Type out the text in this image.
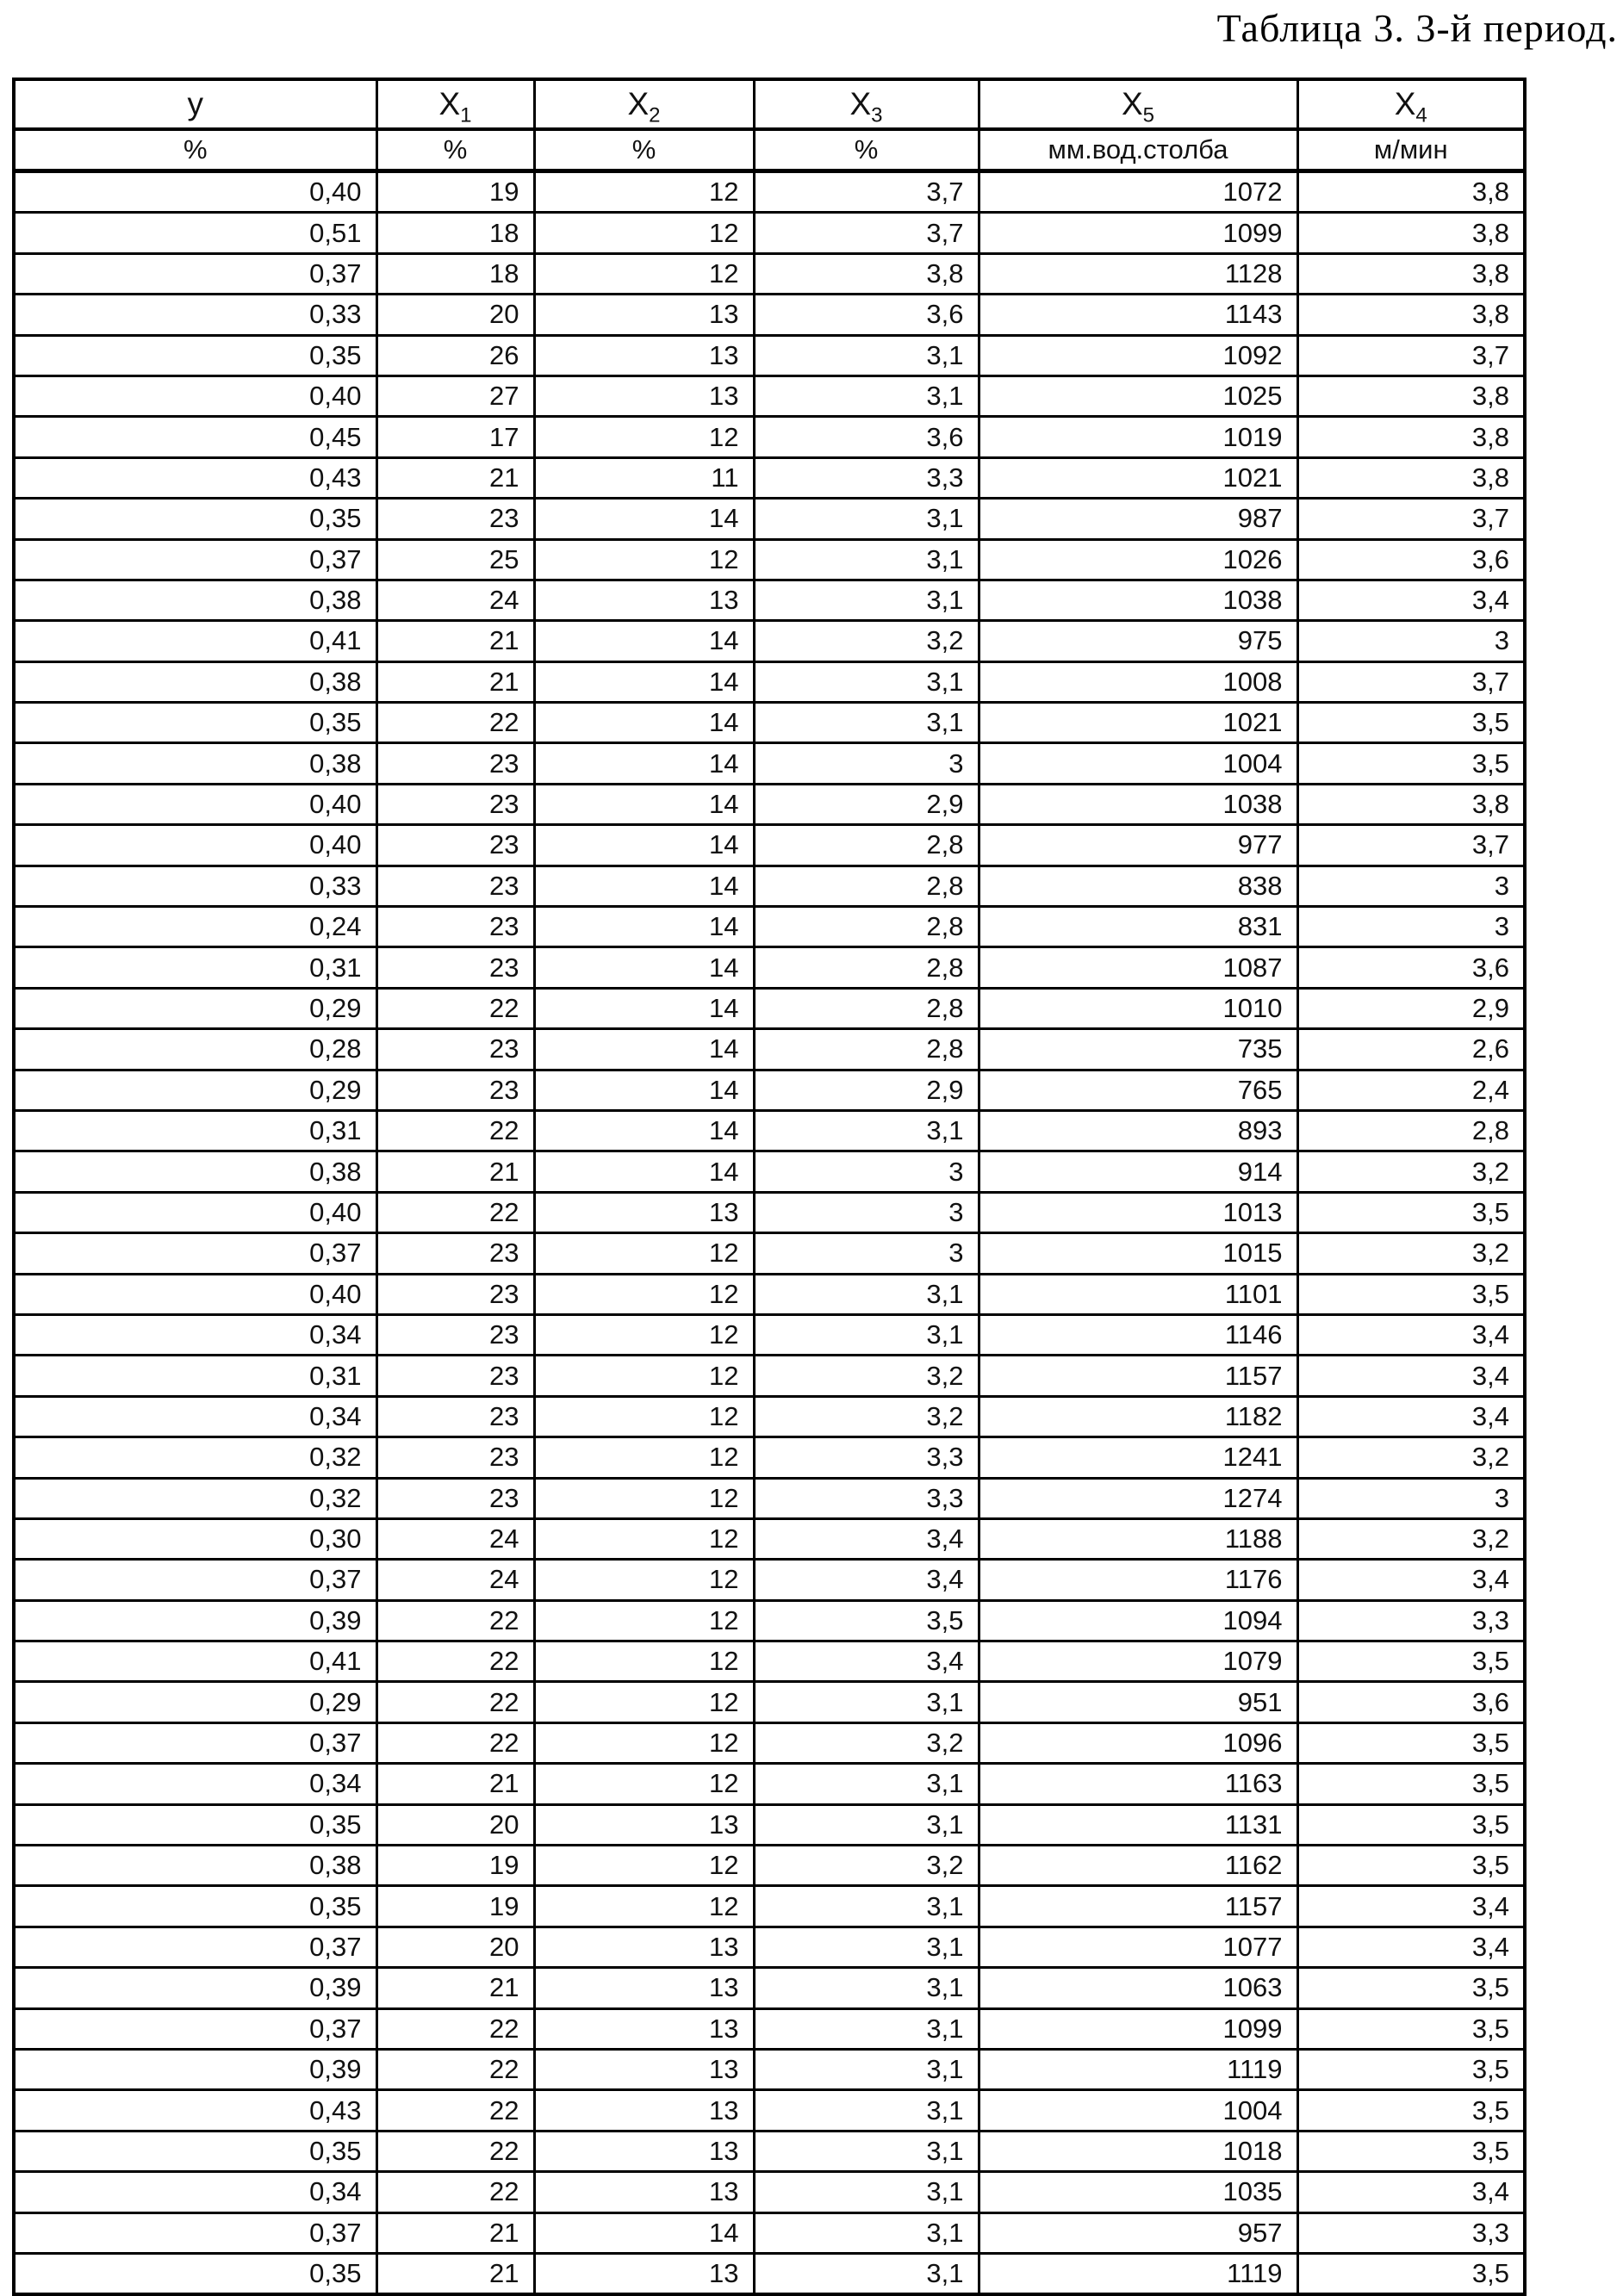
Таблица 3. 3-й период.
у	$X_1$	$X_2$	$X_3$	$X_5$	$X_4$
%	%	%	%	мм.вод.столба	м/мин
0,40	19	12	3,7	1072	3,8
0,51	18	12	3,7	1099	3,8
0,37	18	12	3,8	1128	3,8
0,33	20	13	3,6	1143	3,8
0,35	26	13	3,1	1092	3,7
0,40	27	13	3,1	1025	3,8
0,45	17	12	3,6	1019	3,8
0,43	21	11	3,3	1021	3,8
0,35	23	14	3,1	987	3,7
0,37	25	12	3,1	1026	3,6
0,38	24	13	3,1	1038	3,4
0,41	21	14	3,2	975	3
0,38	21	14	3,1	1008	3,7
0,35	22	14	3,1	1021	3,5
0,38	23	14	3	1004	3,5
0,40	23	14	2,9	1038	3,8
0,40	23	14	2,8	977	3,7
0,33	23	14	2,8	838	3
0,24	23	14	2,8	831	3
0,31	23	14	2,8	1087	3,6
0,29	22	14	2,8	1010	2,9
0,28	23	14	2,8	735	2,6
0,29	23	14	2,9	765	2,4
0,31	22	14	3,1	893	2,8
0,38	21	14	3	914	3,2
0,40	22	13	3	1013	3,5
0,37	23	12	3	1015	3,2
0,40	23	12	3,1	1101	3,5
0,34	23	12	3,1	1146	3,4
0,31	23	12	3,2	1157	3,4
0,34	23	12	3,2	1182	3,4
0,32	23	12	3,3	1241	3,2
0,32	23	12	3,3	1274	3
0,30	24	12	3,4	1188	3,2
0,37	24	12	3,4	1176	3,4
0,39	22	12	3,5	1094	3,3
0,41	22	12	3,4	1079	3,5
0,29	22	12	3,1	951	3,6
0,37	22	12	3,2	1096	3,5
0,34	21	12	3,1	1163	3,5
0,35	20	13	3,1	1131	3,5
0,38	19	12	3,2	1162	3,5
0,35	19	12	3,1	1157	3,4
0,37	20	13	3,1	1077	3,4
0,39	21	13	3,1	1063	3,5
0,37	22	13	3,1	1099	3,5
0,39	22	13	3,1	1119	3,5
0,43	22	13	3,1	1004	3,5
0,35	22	13	3,1	1018	3,5
0,34	22	13	3,1	1035	3,4
0,37	21	14	3,1	957	3,3
0,35	21	13	3,1	1119	3,5
